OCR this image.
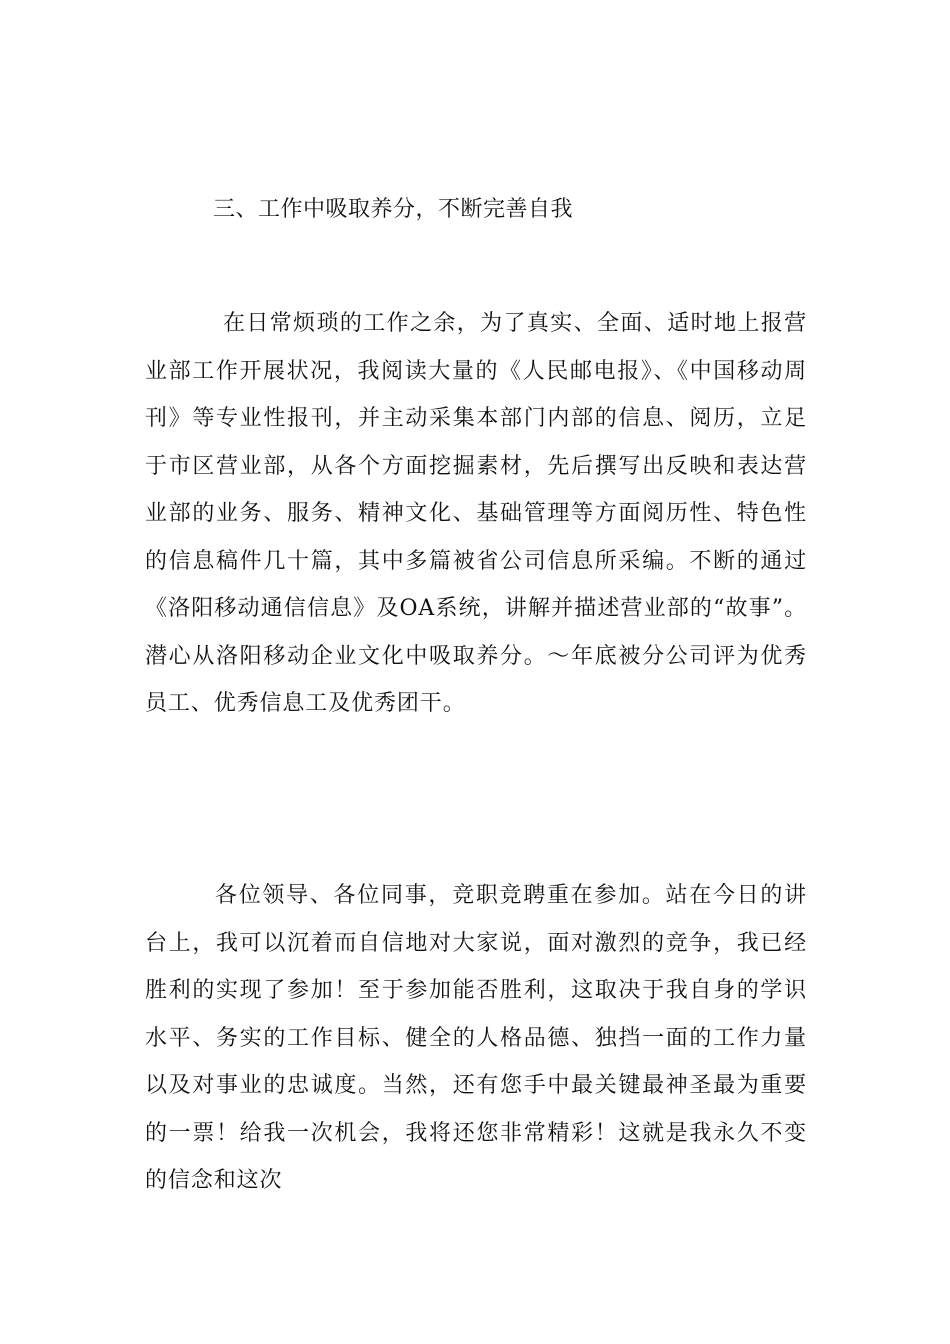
三、工作中吸取养分，不断完善自我

在日常烦琐的工作之余，为了真实、全面、适时地上报营业部工作开展状况，我阅读大量的《人民邮电报》、《中国移动周刊》等专业性报刊，并主动采集本部门内部的信息、阅历，立足于市区营业部，从各个方面挖掘素材，先后撰写出反映和表达营业部的业务、服务、精神文化、基础管理等方面阅历性、特色性的信息稿件几十篇，其中多篇被省公司信息所采编。不断的通过《洛阳移动通信信息》及OA系统，讲解并描述营业部的“故事”。潜心从洛阳移动企业文化中吸取养分。～年底被分公司评为优秀员工、优秀信息工及优秀团干。

各位领导、各位同事，竞职竞聘重在参加。站在今日的讲台上，我可以沉着而自信地对大家说，面对激烈的竞争，我已经胜利的实现了参加！至于参加能否胜利，这取决于我自身的学识水平、务实的工作目标、健全的人格品德、独挡一面的工作力量以及对事业的忠诚度。当然，还有您手中最关键最神圣最为重要的一票！给我一次机会，我将还您非常精彩！这就是我永久不变的信念和这次
